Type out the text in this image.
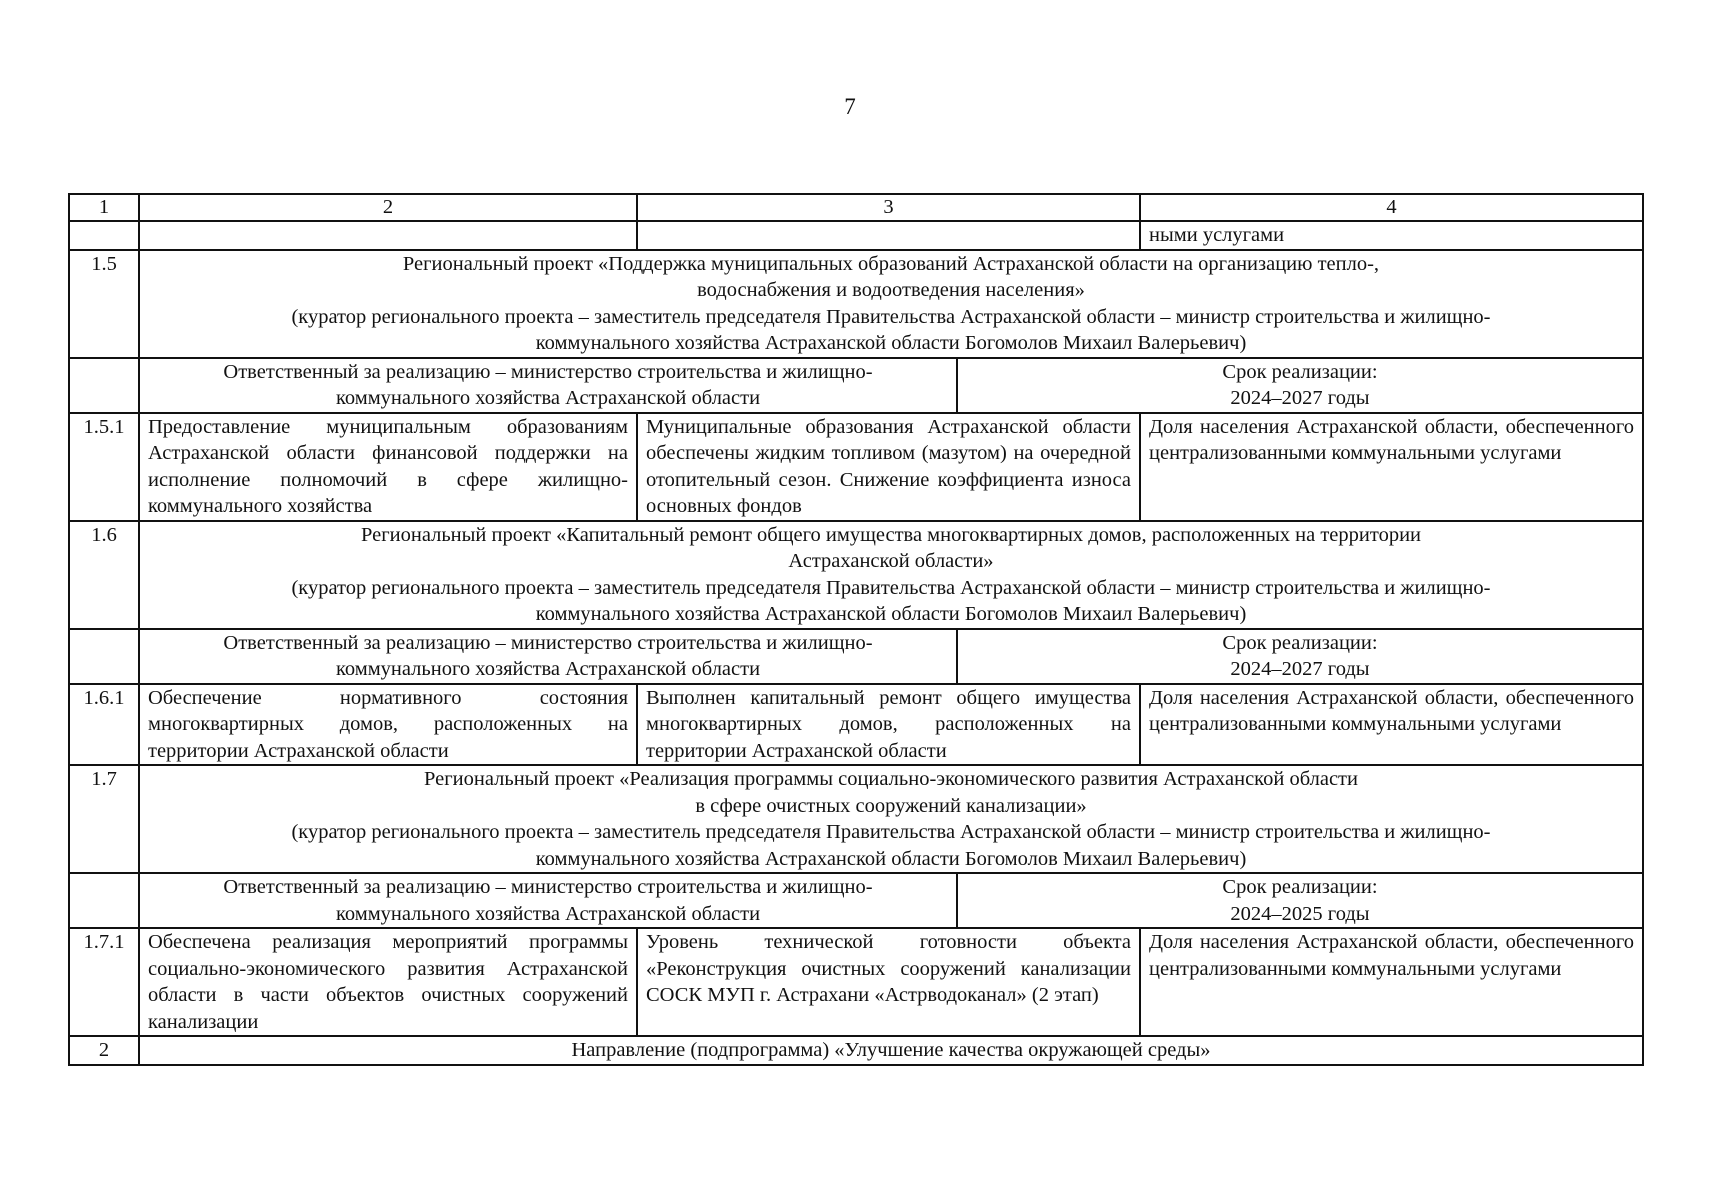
7
1	2	3		4
				ными услугами
1.5	Региональный проект «Поддержка муниципальных образований Астраханской области на организацию тепло-,
водоснабжения и водоотведения населения»
(куратор регионального проекта – заместитель председателя Правительства Астраханской области – министр строительства и жилищно-
коммунального хозяйства Астраханской области Богомолов Михаил Валерьевич)			

	Ответственный за реализацию – министерство строительства и жилищно-
коммунального хозяйства Астраханской области		Срок реализации:
2024–2027 годы	

1.5.1	Предоставление муниципальным образованиям Астраханской области финансовой поддержки на исполнение полномочий в сфере жилищно-коммунального хозяйства	Муниципальные образования Астраханской области обеспечены жидким топливом (мазутом) на очередной отопительный сезон. Снижение коэффициента износа основных фондов		Доля населения Астраханской области, обеспеченного централизованными коммунальными услугами
1.6	Региональный проект «Капитальный ремонт общего имущества многоквартирных домов, расположенных на территории
Астраханской области»
(куратор регионального проекта – заместитель председателя Правительства Астраханской области – министр строительства и жилищно-
коммунального хозяйства Астраханской области Богомолов Михаил Валерьевич)			

	Ответственный за реализацию – министерство строительства и жилищно-
коммунального хозяйства Астраханской области		Срок реализации:
2024–2027 годы	

1.6.1	Обеспечение нормативного состояния многоквартирных домов, расположенных на территории Астраханской области	Выполнен капитальный ремонт общего имущества многоквартирных домов, расположенных на территории Астраханской области		Доля населения Астраханской области, обеспеченного централизованными коммунальными услугами
1.7	Региональный проект «Реализация программы социально-экономического развития Астраханской области
в сфере очистных сооружений канализации»
(куратор регионального проекта – заместитель председателя Правительства Астраханской области – министр строительства и жилищно-
коммунального хозяйства Астраханской области Богомолов Михаил Валерьевич)			

	Ответственный за реализацию – министерство строительства и жилищно-
коммунального хозяйства Астраханской области		Срок реализации:
2024–2025 годы	

1.7.1	Обеспечена реализация мероприятий программы социально-экономического развития Астраханской области в части объектов очистных сооружений канализации	Уровень технической готовности объекта «Реконструкция очистных сооружений канализации СОСК МУП г. Астрахани «Астрводоканал» (2 этап)		Доля населения Астраханской области, обеспеченного централизованными коммунальными услугами
2	Направление (подпрограмма) «Улучшение качества окружающей среды»			
